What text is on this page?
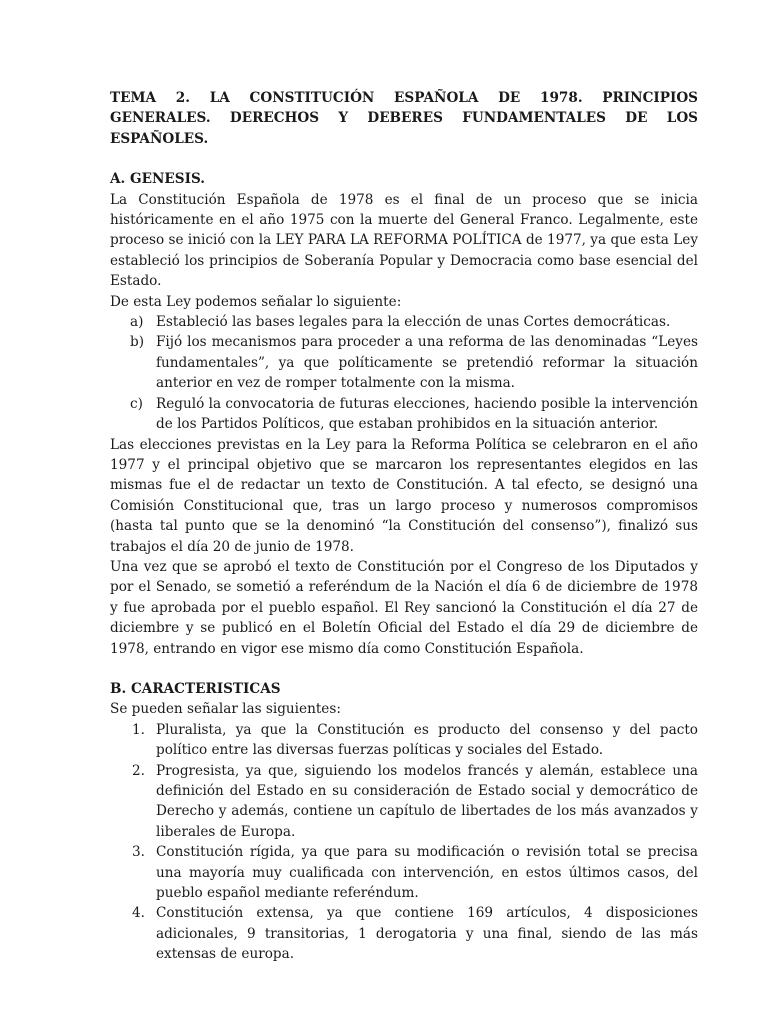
TEMA 2. LA CONSTITUCIÓN ESPAÑOLA DE 1978. PRINCIPIOS GENERALES. DERECHOS Y DEBERES FUNDAMENTALES DE LOS ESPAÑOLES.
A. GENESIS.

La Constitución Española de 1978 es el final de un proceso que se inicia históricamente en el año 1975 con la muerte del General Franco. Legalmente, este proceso se inició con la LEY PARA LA REFORMA POLÍTICA de 1977, ya que esta Ley estableció los principios de Soberanía Popular y Democracia como base esencial del Estado.

De esta Ley podemos señalar lo siguiente:

a) Estableció las bases legales para la elección de unas Cortes democráticas.
b) Fijó los mecanismos para proceder a una reforma de las denominadas “Leyes fundamentales”, ya que políticamente se pretendió reformar la situación anterior en vez de romper totalmente con la misma.
c) Reguló la convocatoria de futuras elecciones, haciendo posible la intervención de los Partidos Políticos, que estaban prohibidos en la situación anterior.

Las elecciones previstas en la Ley para la Reforma Política se celebraron en el año 1977 y el principal objetivo que se marcaron los representantes elegidos en las mismas fue el de redactar un texto de Constitución. A tal efecto, se designó una Comisión Constitucional que, tras un largo proceso y numerosos compromisos (hasta tal punto que se la denominó “la Constitución del consenso”), finalizó sus trabajos el día 20 de junio de 1978.

Una vez que se aprobó el texto de Constitución por el Congreso de los Diputados y por el Senado, se sometió a referéndum de la Nación el día 6 de diciembre de 1978 y fue aprobada por el pueblo español. El Rey sancionó la Constitución el día 27 de diciembre y se publicó en el Boletín Oficial del Estado el día 29 de diciembre de 1978, entrando en vigor ese mismo día como Constitución Española.

B. CARACTERISTICAS

Se pueden señalar las siguientes:

1. Pluralista, ya que la Constitución es producto del consenso y del pacto político entre las diversas fuerzas políticas y sociales del Estado.
2. Progresista, ya que, siguiendo los modelos francés y alemán, establece una definición del Estado en su consideración de Estado social y democrático de Derecho y además, contiene un capítulo de libertades de los más avanzados y liberales de Europa.
3. Constitución rígida, ya que para su modificación o revisión total se precisa una mayoría muy cualificada con intervención, en estos últimos casos, del pueblo español mediante referéndum.
4. Constitución extensa, ya que contiene 169 artículos, 4 disposiciones adicionales, 9 transitorias, 1 derogatoria y una final, siendo de las más extensas de europa.
